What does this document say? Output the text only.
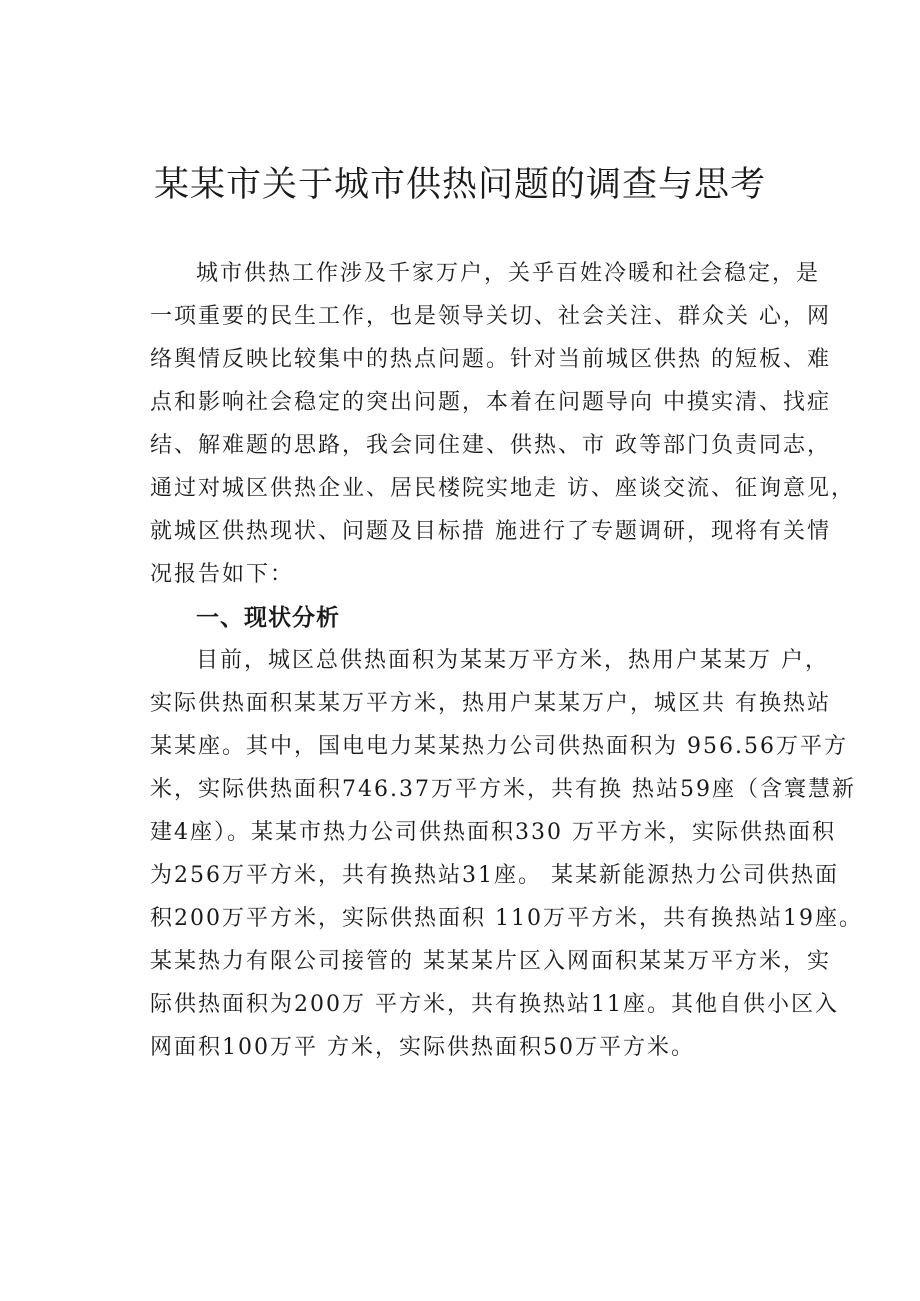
某某市关于城市供热问题的调查与思考
城市供热工作涉及千家万户，关乎百姓冷暖和社会稳定，是
一项重要的民生工作，也是领导关切、社会关注、群众关 心，网
络舆情反映比较集中的热点问题。针对当前城区供热 的短板、难
点和影响社会稳定的突出问题，本着在问题导向 中摸实清、找症
结、解难题的思路，我会同住建、供热、市 政等部门负责同志，
通过对城区供热企业、居民楼院实地走 访、座谈交流、征询意见，
就城区供热现状、问题及目标措 施进行了专题调研，现将有关情
况报告如下：
一、现状分析
目前，城区总供热面积为某某万平方米，热用户某某万 户，
实际供热面积某某万平方米，热用户某某万户，城区共 有换热站
某某座。其中，国电电力某某热力公司供热面积为 956.56万平方
米，实际供热面积746.37万平方米，共有换 热站59座（含寰慧新
建4座）。某某市热力公司供热面积330 万平方米，实际供热面积
为256万平方米，共有换热站31座。 某某新能源热力公司供热面
积200万平方米，实际供热面积 110万平方米，共有换热站19座。
某某热力有限公司接管的 某某某片区入网面积某某万平方米，实
际供热面积为200万 平方米，共有换热站11座。其他自供小区入
网面积100万平 方米，实际供热面积50万平方米。
